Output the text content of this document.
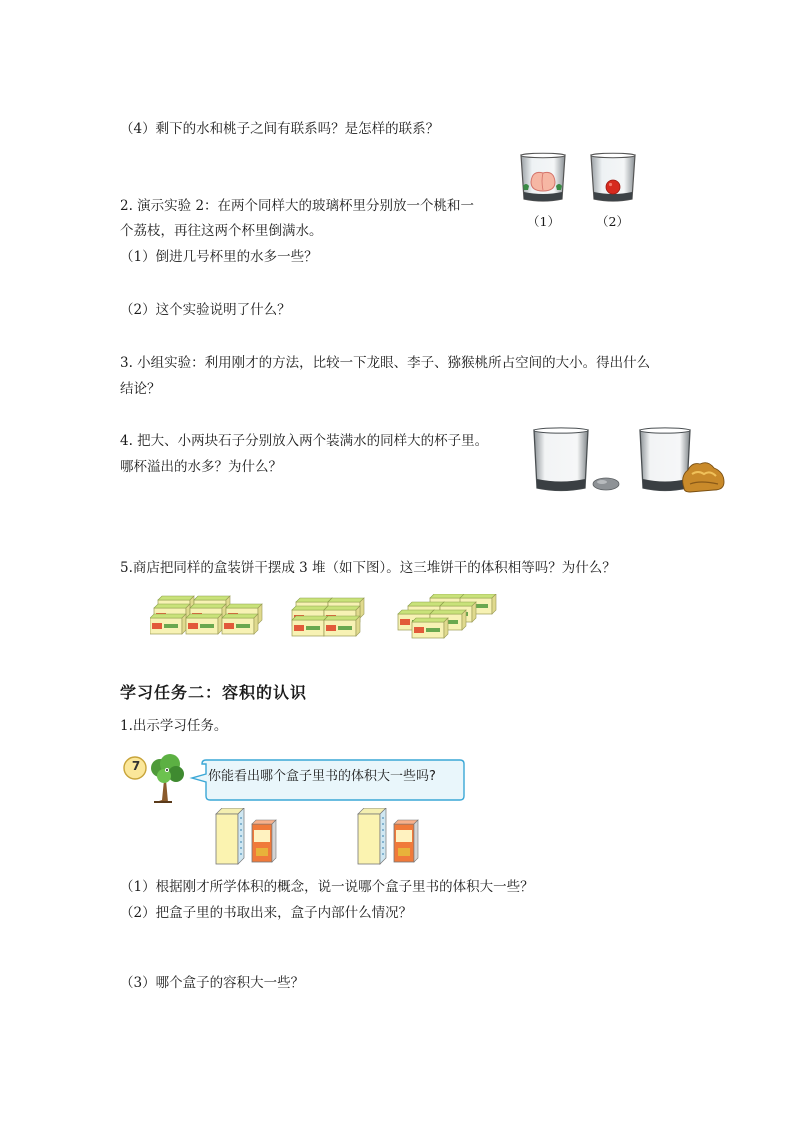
（4）剩下的水和桃子之间有联系吗？是怎样的联系？
2. 演示实验 2：在两个同样大的玻璃杯里分别放一个桃和一
个荔枝，再往这两个杯里倒满水。
（1）倒进几号杯里的水多一些？
（2）这个实验说明了什么？
3. 小组实验：利用刚才的方法，比较一下龙眼、李子、猕猴桃所占空间的大小。得出什么
结论？
4. 把大、小两块石子分别放入两个装满水的同样大的杯子里。
哪杯溢出的水多？为什么？
5.商店把同样的盒装饼干摆成 3 堆（如下图）。这三堆饼干的体积相等吗？为什么？
学习任务二：容积的认识
1.出示学习任务。
（1）根据刚才所学体积的概念，说一说哪个盒子里书的体积大一些？
（2）把盒子里的书取出来，盒子内部什么情况？
（3）哪个盒子的容积大一些？
（1）	（2）
7
你能看出哪个盒子里书的体积大一些吗?
